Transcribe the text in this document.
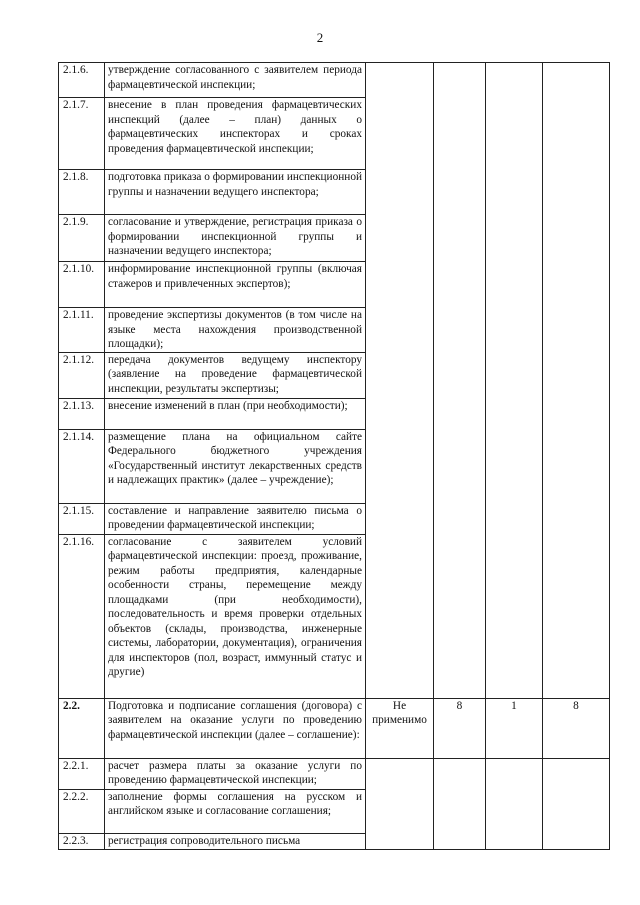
2
2.1.6.	утверждение согласованного с заявителем периода фармацевтической инспекции;				
2.1.7.	внесение в план проведения фармацевтических инспекций (далее – план) данных о фармацевтических инспекторах и сроках проведения фармацевтической инспекции;				
2.1.8.	подготовка приказа о формировании инспекционной группы и назначении ведущего инспектора;				
2.1.9.	согласование и утверждение, регистрация приказа о формировании инспекционной группы и назначении ведущего инспектора;				
2.1.10.	информирование инспекционной группы (включая стажеров и привлеченных экспертов);				
2.1.11.	проведение экспертизы документов (в том числе на языке места нахождения производственной площадки);				
2.1.12.	передача документов ведущему инспектору (заявление на проведение фармацевтической инспекции, результаты экспертизы;				
2.1.13.	внесение изменений в план (при необходимости);				
2.1.14.	размещение плана на официальном сайте Федерального бюджетного учреждения «Государственный институт лекарственных средств и надлежащих практик» (далее – учреждение);				
2.1.15.	составление и направление заявителю письма о проведении фармацевтической инспекции;				
2.1.16.	согласование с заявителем условий фармацевтической инспекции: проезд, проживание, режим работы предприятия, календарные особенности страны, перемещение между площадками (при необходимости), последовательность и время проверки отдельных объектов (склады, производства, инженерные системы, лаборатории, документация), ограничения для инспекторов (пол, возраст, иммунный статус и другие)				
2.2.	Подготовка и подписание соглашения (договора) с заявителем на оказание услуги по проведению фармацевтической инспекции (далее – соглашение):	Не применимо	8	1	8
2.2.1.	расчет размера платы за оказание услуги по проведению фармацевтической инспекции;				
2.2.2.	заполнение формы соглашения на русском и английском языке и согласование соглашения;				
2.2.3.	регистрация сопроводительного письма				
